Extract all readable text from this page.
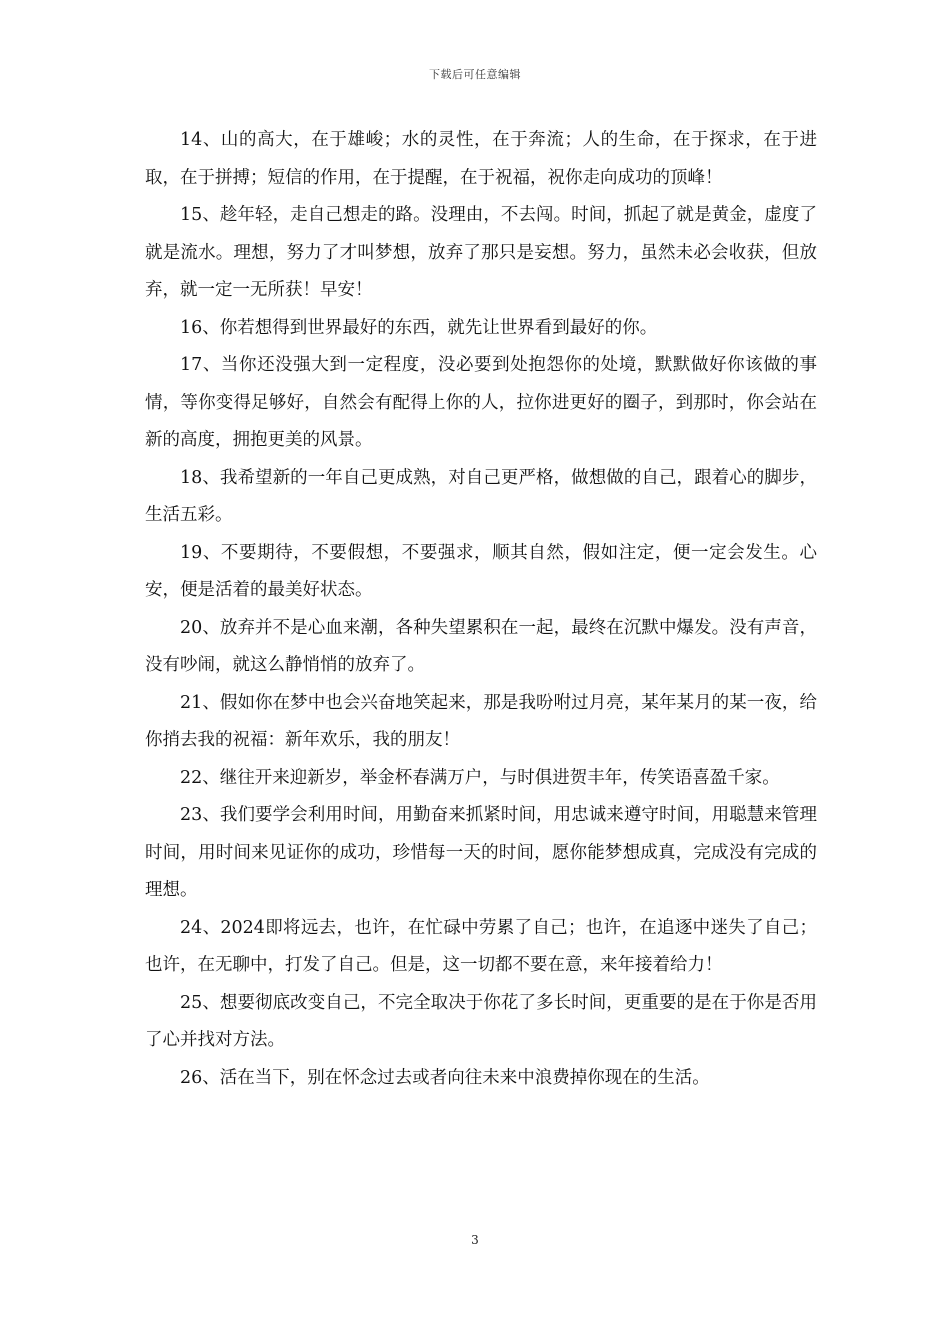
下载后可任意编辑

14、山的高大，在于雄峻；水的灵性，在于奔流；人的生命，在于探求，在于进取，在于拼搏；短信的作用，在于提醒，在于祝福，祝你走向成功的顶峰！

15、趁年轻，走自己想走的路。没理由，不去闯。时间，抓起了就是黄金，虚度了就是流水。理想，努力了才叫梦想，放弃了那只是妄想。努力，虽然未必会收获，但放弃，就一定一无所获！早安！

16、你若想得到世界最好的东西，就先让世界看到最好的你。

17、当你还没强大到一定程度，没必要到处抱怨你的处境，默默做好你该做的事情，等你变得足够好，自然会有配得上你的人，拉你进更好的圈子，到那时，你会站在新的高度，拥抱更美的风景。

18、我希望新的一年自己更成熟，对自己更严格，做想做的自己，跟着心的脚步，生活五彩。

19、不要期待，不要假想，不要强求，顺其自然，假如注定，便一定会发生。心安，便是活着的最美好状态。

20、放弃并不是心血来潮，各种失望累积在一起，最终在沉默中爆发。没有声音，没有吵闹，就这么静悄悄的放弃了。

21、假如你在梦中也会兴奋地笑起来，那是我吩咐过月亮，某年某月的某一夜，给你捎去我的祝福：新年欢乐，我的朋友！

22、继往开来迎新岁，举金杯春满万户，与时俱进贺丰年，传笑语喜盈千家。

23、我们要学会利用时间，用勤奋来抓紧时间，用忠诚来遵守时间，用聪慧来管理时间，用时间来见证你的成功，珍惜每一天的时间，愿你能梦想成真，完成没有完成的理想。

24、2024即将远去，也许，在忙碌中劳累了自己；也许，在追逐中迷失了自己；也许，在无聊中，打发了自己。但是，这一切都不要在意，来年接着给力！

25、想要彻底改变自己，不完全取决于你花了多长时间，更重要的是在于你是否用了心并找对方法。

26、活在当下，别在怀念过去或者向往未来中浪费掉你现在的生活。

3
